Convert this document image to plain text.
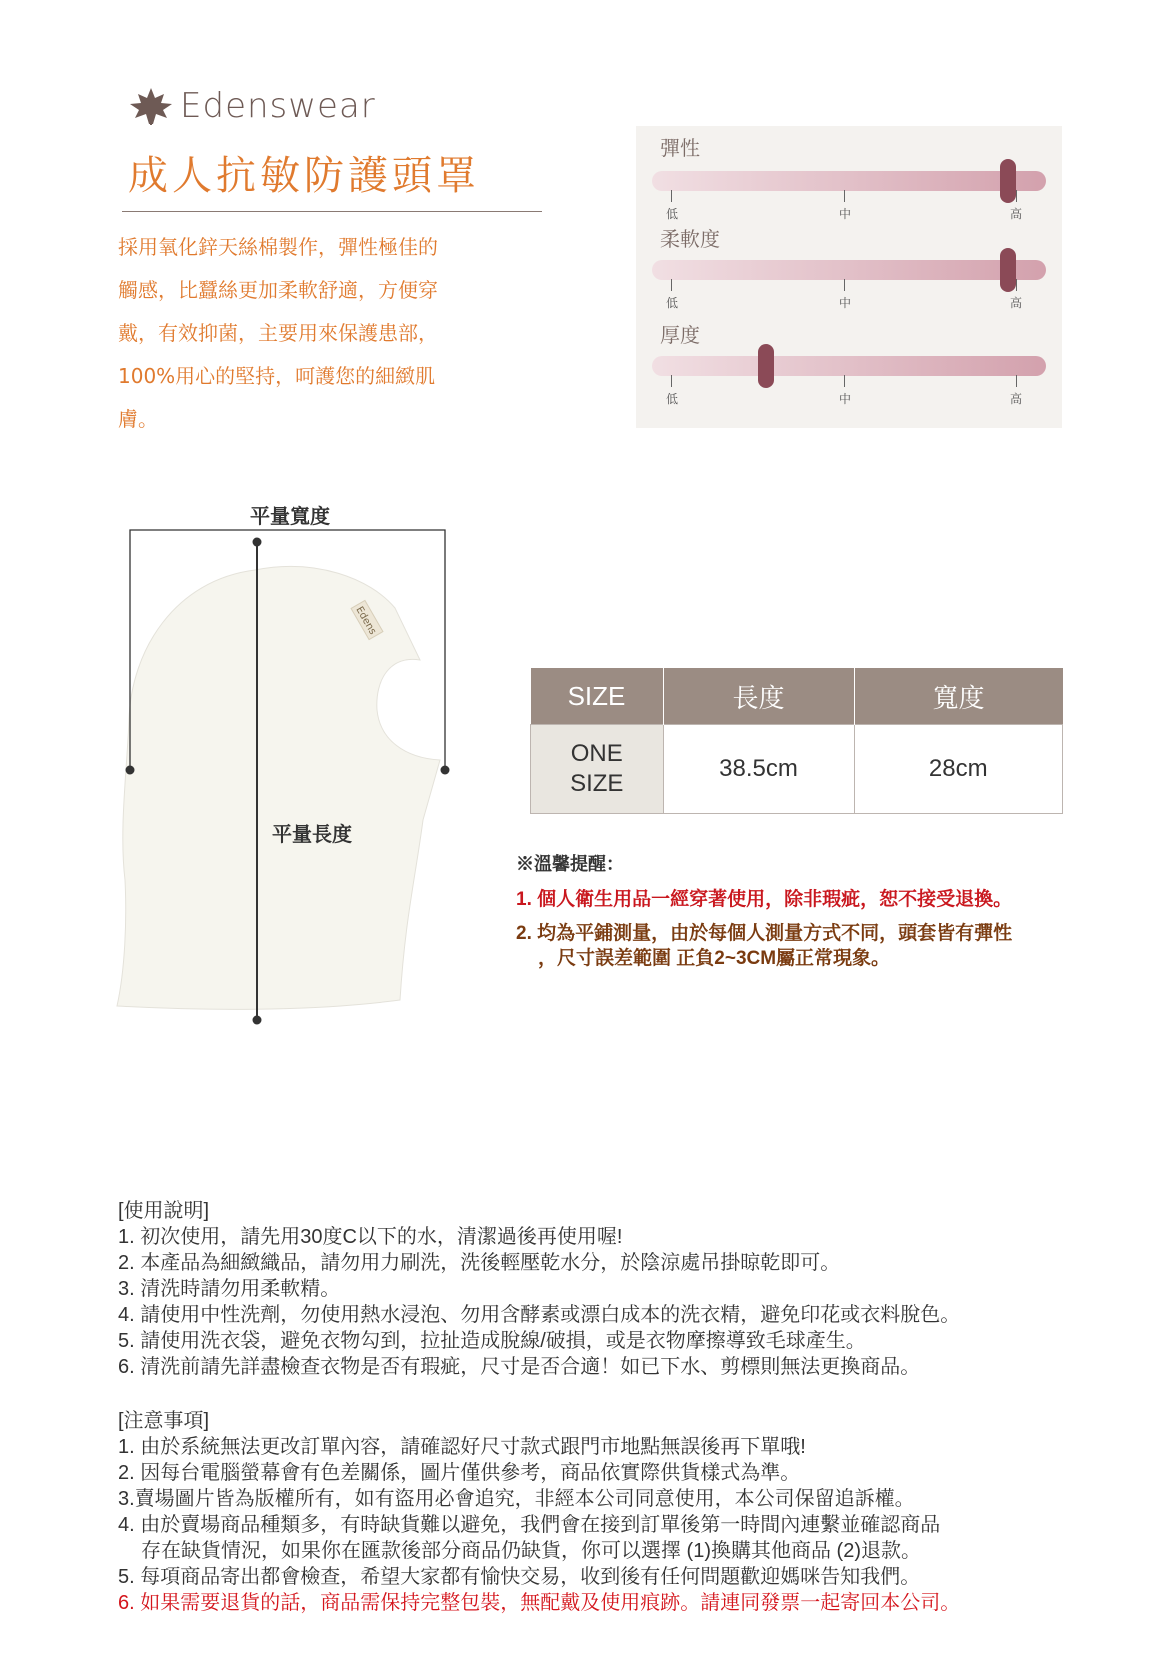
Edenswear
成人抗敏防護頭罩
採用氧化鋅天絲棉製作，彈性極佳的
觸感，比蠶絲更加柔軟舒適，方便穿
戴，有效抑菌，主要用來保護患部，
100%用心的堅持，呵護您的細緻肌
膚。
彈性
低	中	高
柔軟度
低	中	高
厚度
低	中	高
平量寬度
Edens
平量長度
SIZE	長度	寬度

ONE
SIZE	38.5cm	28cm
※溫馨提醒：
1. 個人衛生用品一經穿著使用，除非瑕疵，恕不接受退換。
2. 均為平鋪測量，由於每個人測量方式不同，頭套皆有彈性
，尺寸誤差範圍 正負2~3CM屬正常現象。
[使用說明]
1. 初次使用，請先用30度C以下的水，清潔過後再使用喔!
2. 本產品為細緻織品，請勿用力刷洗，洗後輕壓乾水分，於陰涼處吊掛晾乾即可。
3. 清洗時請勿用柔軟精。
4. 請使用中性洗劑，勿使用熱水浸泡、勿用含酵素或漂白成本的洗衣精，避免印花或衣料脫色。
5. 請使用洗衣袋，避免衣物勾到，拉扯造成脫線/破損，或是衣物摩擦導致毛球產生。
6. 清洗前請先詳盡檢查衣物是否有瑕疵，尺寸是否合適！如已下水、剪標則無法更換商品。
[注意事項]
1. 由於系統無法更改訂單內容，請確認好尺寸款式跟門市地點無誤後再下單哦!
2. 因每台電腦螢幕會有色差關係，圖片僅供參考，商品依實際供貨樣式為準。
3.賣場圖片皆為版權所有，如有盜用必會追究，非經本公司同意使用，本公司保留追訴權。
4. 由於賣場商品種類多，有時缺貨難以避免，我們會在接到訂單後第一時間內連繫並確認商品
存在缺貨情況，如果你在匯款後部分商品仍缺貨，你可以選擇 (1)換購其他商品 (2)退款。
5. 每項商品寄出都會檢查，希望大家都有愉快交易，收到後有任何問題歡迎媽咪告知我們。
6. 如果需要退貨的話，商品需保持完整包裝，無配戴及使用痕跡。請連同發票一起寄回本公司。
